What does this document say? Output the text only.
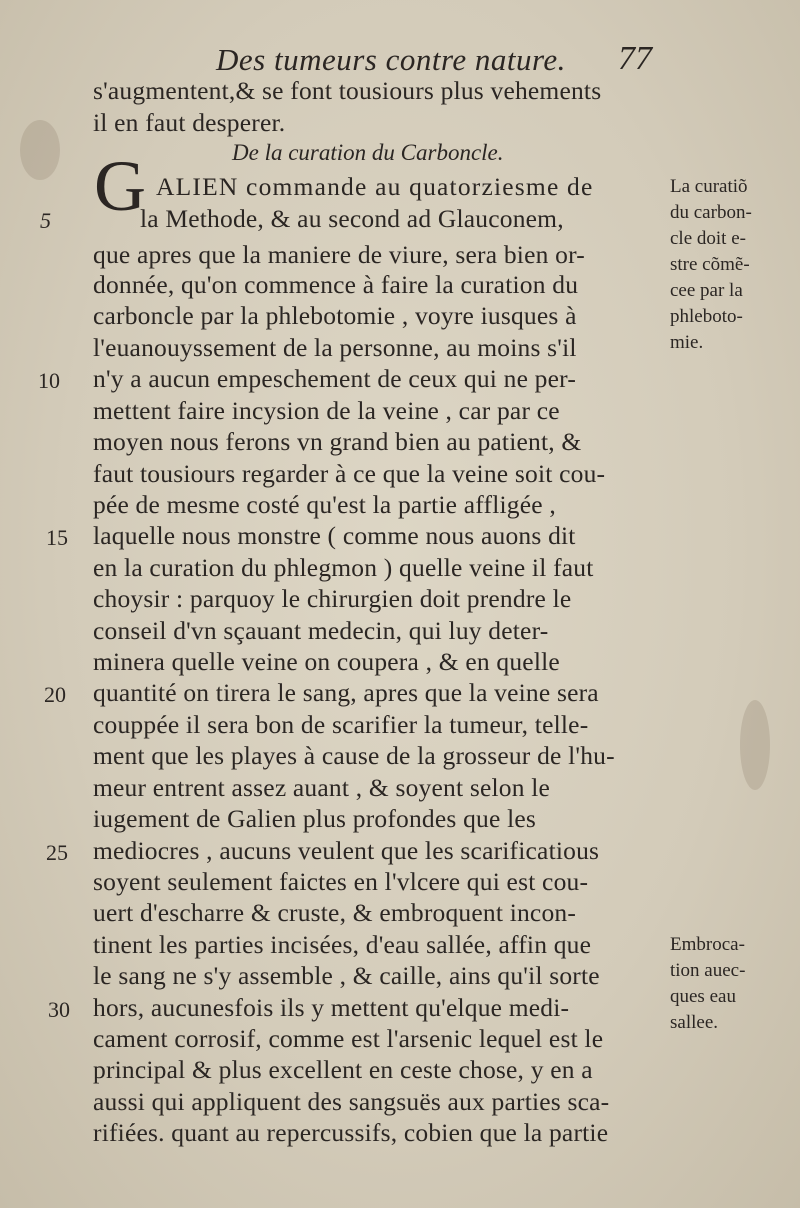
Des tumeurs contre nature. 77
s'augmentent,& se font tousiours plus vehements
il en faut desperer.
De la curation du Carboncle.
G ALIEN commande au quatorziesme de
la Methode, & au second ad Glauconem,
que apres que la maniere de viure, sera bien or-
donnée, qu'on commence à faire la curation du
carboncle par la phlebotomie , voyre iusques à
l'euanouyssement de la personne, au moins s'il
n'y a aucun empeschement de ceux qui ne per-
mettent faire incysion de la veine , car par ce
moyen nous ferons vn grand bien au patient, &
faut tousiours regarder à ce que la veine soit cou-
pée de mesme costé qu'est la partie affligée ,
laquelle nous monstre ( comme nous auons dit
en la curation du phlegmon ) quelle veine il faut
choysir : parquoy le chirurgien doit prendre le
conseil d'vn sçauant medecin, qui luy deter-
minera quelle veine on coupera , & en quelle
quantité on tirera le sang, apres que la veine sera
couppée il sera bon de scarifier la tumeur, telle-
ment que les playes à cause de la grosseur de l'hu-
meur entrent assez auant , & soyent selon le
iugement de Galien plus profondes que les
mediocres , aucuns veulent que les scarificatious
soyent seulement faictes en l'vlcere qui est cou-
uert d'escharre & cruste, & embroquent incon-
tinent les parties incisées, d'eau sallée, affin que
le sang ne s'y assemble , & caille, ains qu'il sorte
hors, aucunesfois ils y mettent qu'elque medi-
cament corrosif, comme est l'arsenic lequel est le
principal & plus excellent en ceste chose, y en a
aussi qui appliquent des sangsuës aux parties sca-
rifiées. quant au repercussifs, cobien que la partie
5
10
15
20
25
30
La curatiõ
du carbon-
cle doit e-
stre cõmẽ-
cee par la
phleboto-
mie.
Embroca-
tion auec-
ques eau
sallee.
